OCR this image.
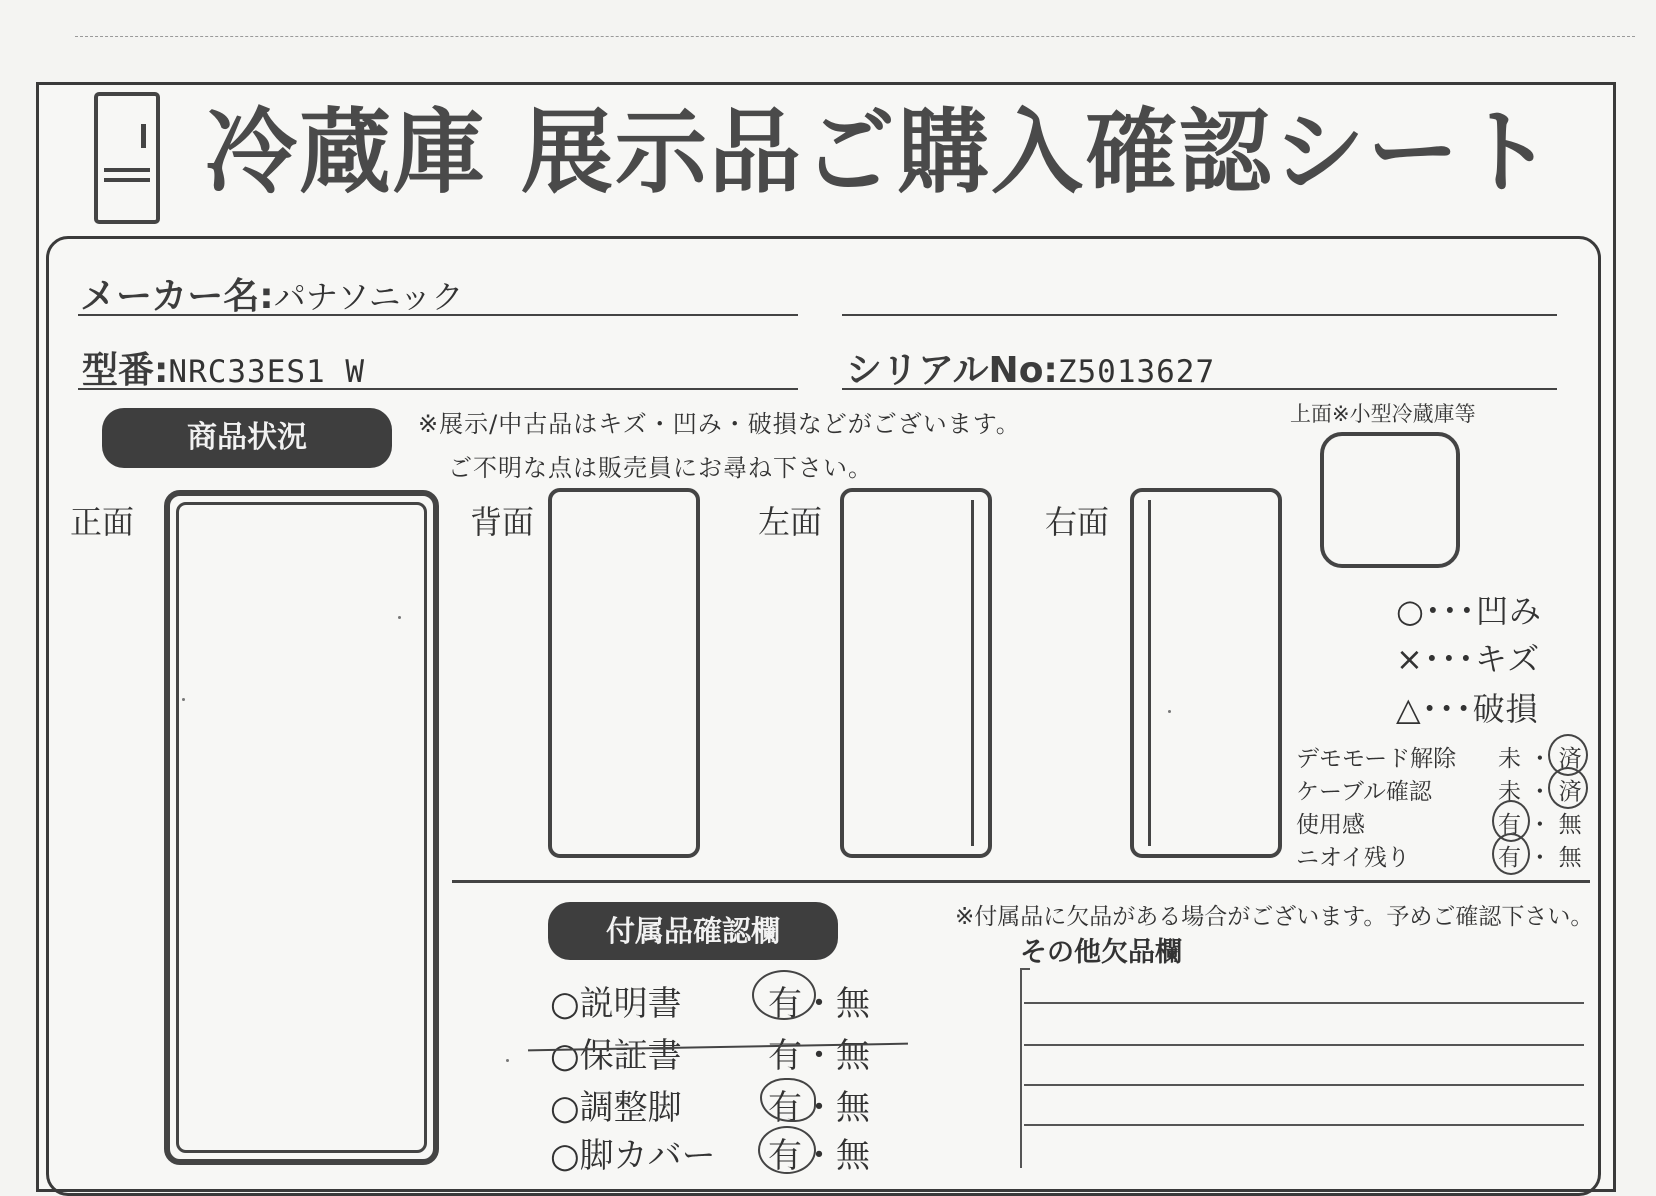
冷蔵庫 展示品ご購入確認シート
メーカー名:パナソニック
型番:NRC33ES1_W	シリアルNo:Z5013627
商品状況	※展示/中古品はキズ・凹み・破損などがございます。
ご不明な点は販売員にお尋ね下さい。
上面※小型冷蔵庫等
正面	背面	左面	右面
○･･･凹み
×･･･キズ
△･･･破損
デモモード解除 未 ・ 済
ケーブル確認	未 ・ 済
使用感	有 ・ 無
ニオイ残り	有 ・ 無
付属品確認欄	※付属品に欠品がある場合がございます。予めご確認下さい。
その他欠品欄
○説明書	有・無
○保証書	有・無
○調整脚	有・無
○脚カバー 有・無
